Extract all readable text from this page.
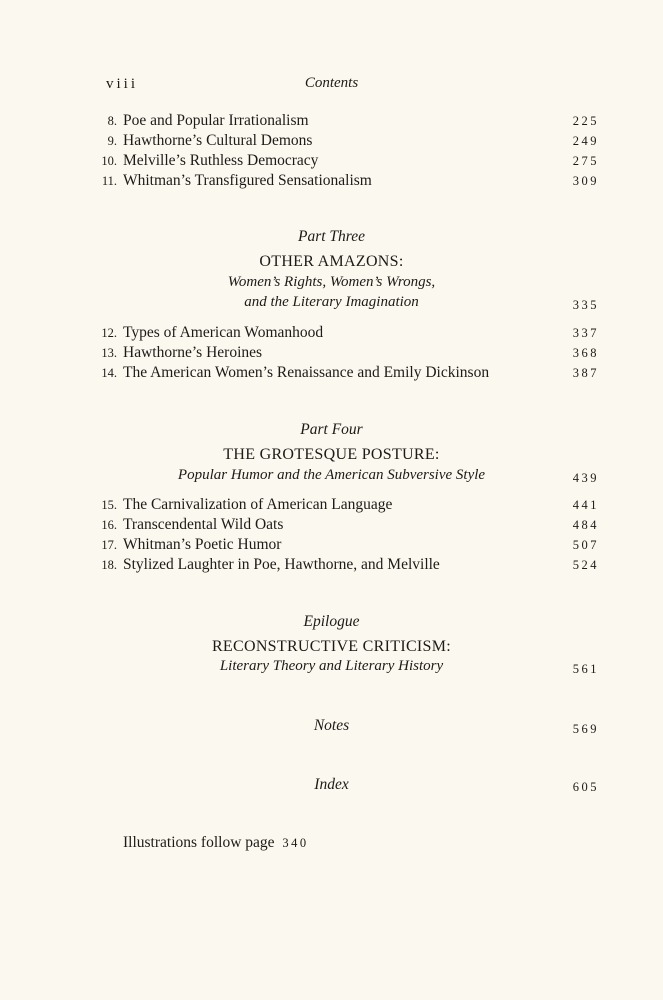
viii	Contents
8. Poe and Popular Irrationalism	225
9. Hawthorne’s Cultural Demons	249
10. Melville’s Ruthless Democracy	275
11. Whitman’s Transfigured Sensationalism	309
Part Three
OTHER AMAZONS:
Women’s Rights, Women’s Wrongs,
and the Literary Imagination	335
12. Types of American Womanhood	337
13. Hawthorne’s Heroines	368
14. The American Women’s Renaissance and Emily Dickinson	387
Part Four
THE GROTESQUE POSTURE:
Popular Humor and the American Subversive Style	439
15. The Carnivalization of American Language	441
16. Transcendental Wild Oats	484
17. Whitman’s Poetic Humor	507
18. Stylized Laughter in Poe, Hawthorne, and Melville	524
Epilogue
RECONSTRUCTIVE CRITICISM:
Literary Theory and Literary History	561
Notes	569
Index	605
Illustrations follow page 340
